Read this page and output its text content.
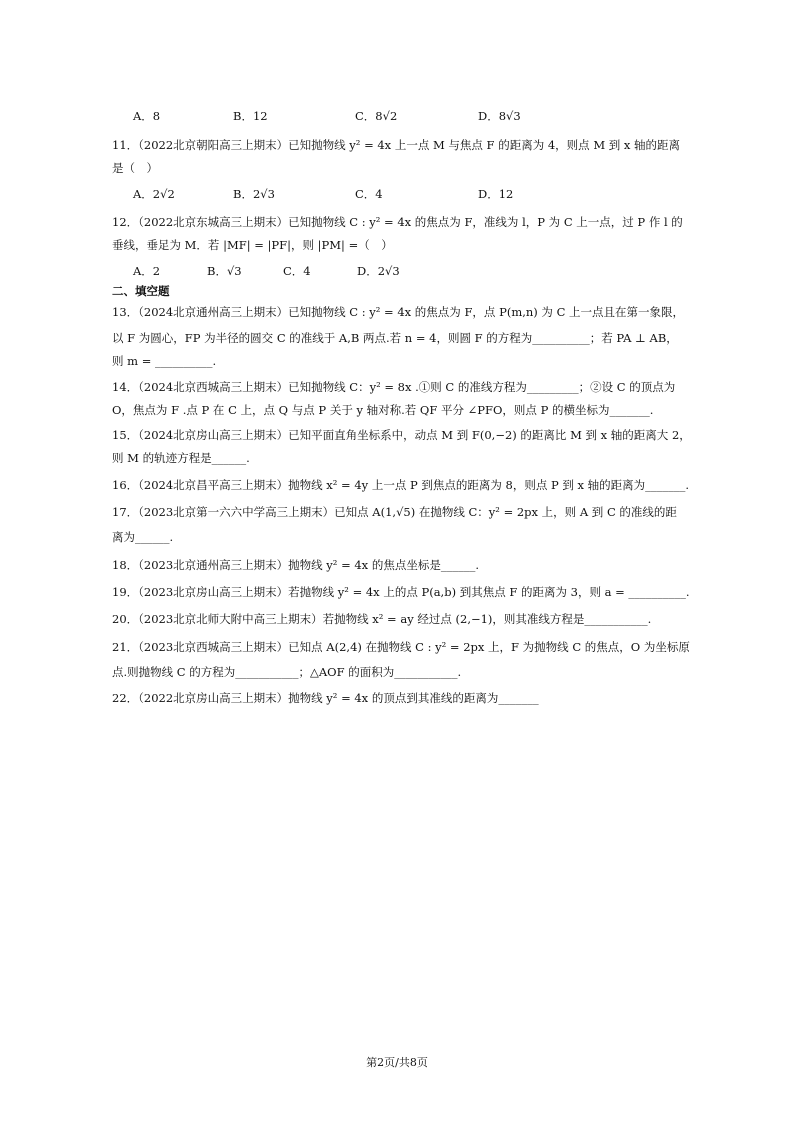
A．8	B．12	C．8√2	D．8√3
11．（2022北京朝阳高三上期末）已知抛物线 y² = 4x 上一点 M 与焦点 F 的距离为 4，则点 M 到 x 轴的距离
是（　）
A．2√2	B．2√3	C．4	D．12
12．（2022北京东城高三上期末）已知抛物线 C : y² = 4x 的焦点为 F，准线为 l，P 为 C 上一点，过 P 作 l 的
垂线，垂足为 M．若 |MF| = |PF|，则 |PM| =（　）
A．2	B．√3	C．4	D．2√3
二、填空题
13．（2024北京通州高三上期末）已知抛物线 C : y² = 4x 的焦点为 F，点 P(m,n) 为 C 上一点且在第一象限，
以 F 为圆心，FP 为半径的圆交 C 的准线于 A,B 两点.若 n = 4，则圆 F 的方程为__________；若 PA ⊥ AB，
则 m = __________.
14．（2024北京西城高三上期末）已知抛物线 C：y² = 8x .①则 C 的准线方程为_________；②设 C 的顶点为
O，焦点为 F .点 P 在 C 上，点 Q 与点 P 关于 y 轴对称.若 QF 平分 ∠PFO，则点 P 的横坐标为_______.
15．（2024北京房山高三上期末）已知平面直角坐标系中，动点 M 到 F(0,−2) 的距离比 M 到 x 轴的距离大 2，
则 M 的轨迹方程是______.
16．（2024北京昌平高三上期末）抛物线 x² = 4y 上一点 P 到焦点的距离为 8，则点 P 到 x 轴的距离为_______.
17．（2023北京第一六六中学高三上期末）已知点 A(1,√5) 在抛物线 C：y² = 2px 上，则 A 到 C 的准线的距
离为______.
18．（2023北京通州高三上期末）抛物线 y² = 4x 的焦点坐标是______.
19．（2023北京房山高三上期末）若抛物线 y² = 4x 上的点 P(a,b) 到其焦点 F 的距离为 3，则 a = __________.
20．（2023北京北师大附中高三上期末）若抛物线 x² = ay 经过点 (2,−1)，则其准线方程是___________.
21．（2023北京西城高三上期末）已知点 A(2,4) 在抛物线 C : y² = 2px 上，F 为抛物线 C 的焦点，O 为坐标原
点.则抛物线 C 的方程为___________；△AOF 的面积为___________.
22．（2022北京房山高三上期末）抛物线 y² = 4x 的顶点到其准线的距离为_______
第2页/共8页
